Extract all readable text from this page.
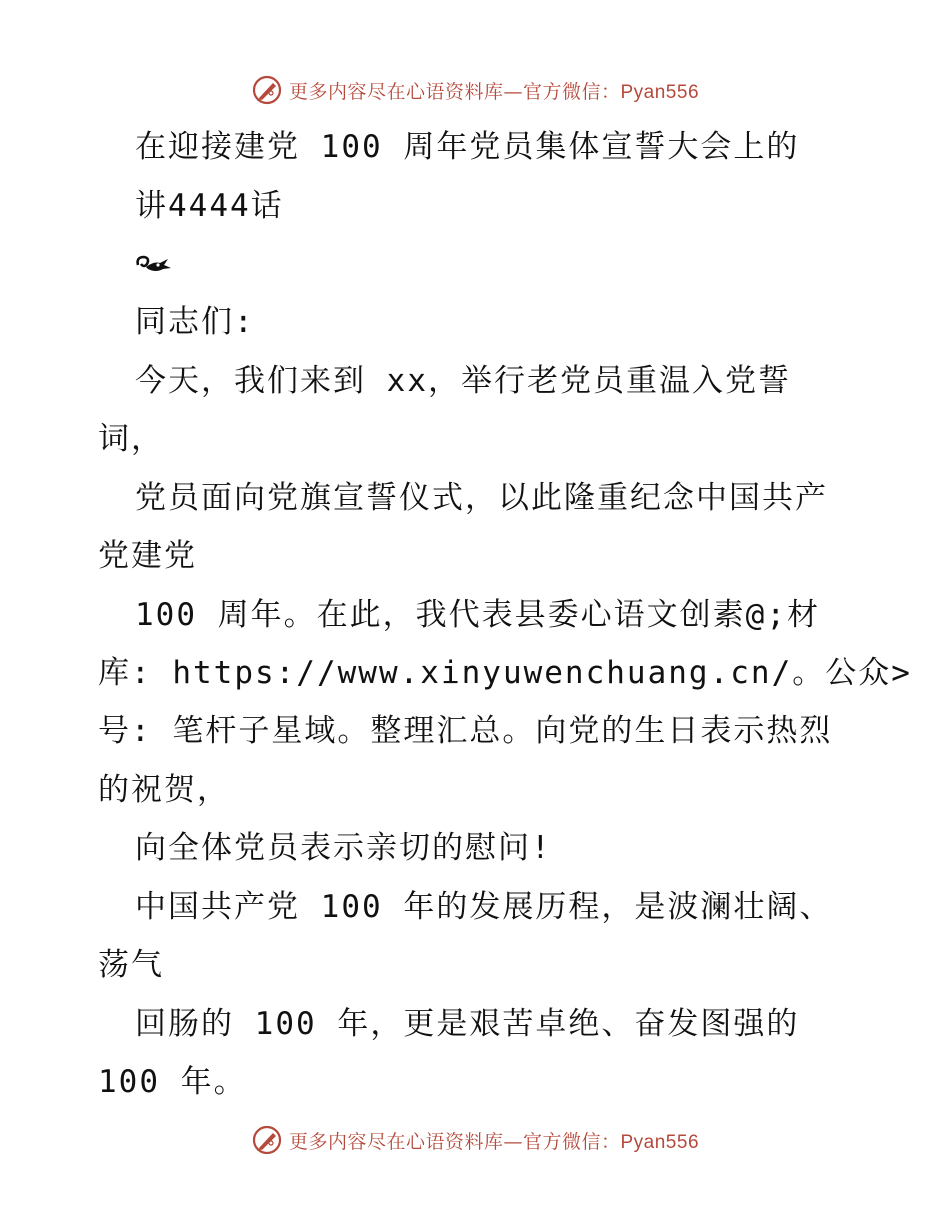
更多内容尽在心语资料库—官方微信：Pyan556
在迎接建党 100 周年党员集体宣誓大会上的
讲4444话
同志们:
今天，我们来到 xx，举行老党员重温入党誓
词，
党员面向党旗宣誓仪式，以此隆重纪念中国共产
党建党
100 周年。在此，我代表县委心语文创素@;材
库: https://www.xinyuwenchuang.cn/。公众>
号: 笔杆子星域。整理汇总。向党的生日表示热烈
的祝贺，
向全体党员表示亲切的慰问!
中国共产党 100 年的发展历程，是波澜壮阔、
荡气
回肠的 100 年，更是艰苦卓绝、奋发图强的
100 年。
更多内容尽在心语资料库—官方微信：Pyan556
